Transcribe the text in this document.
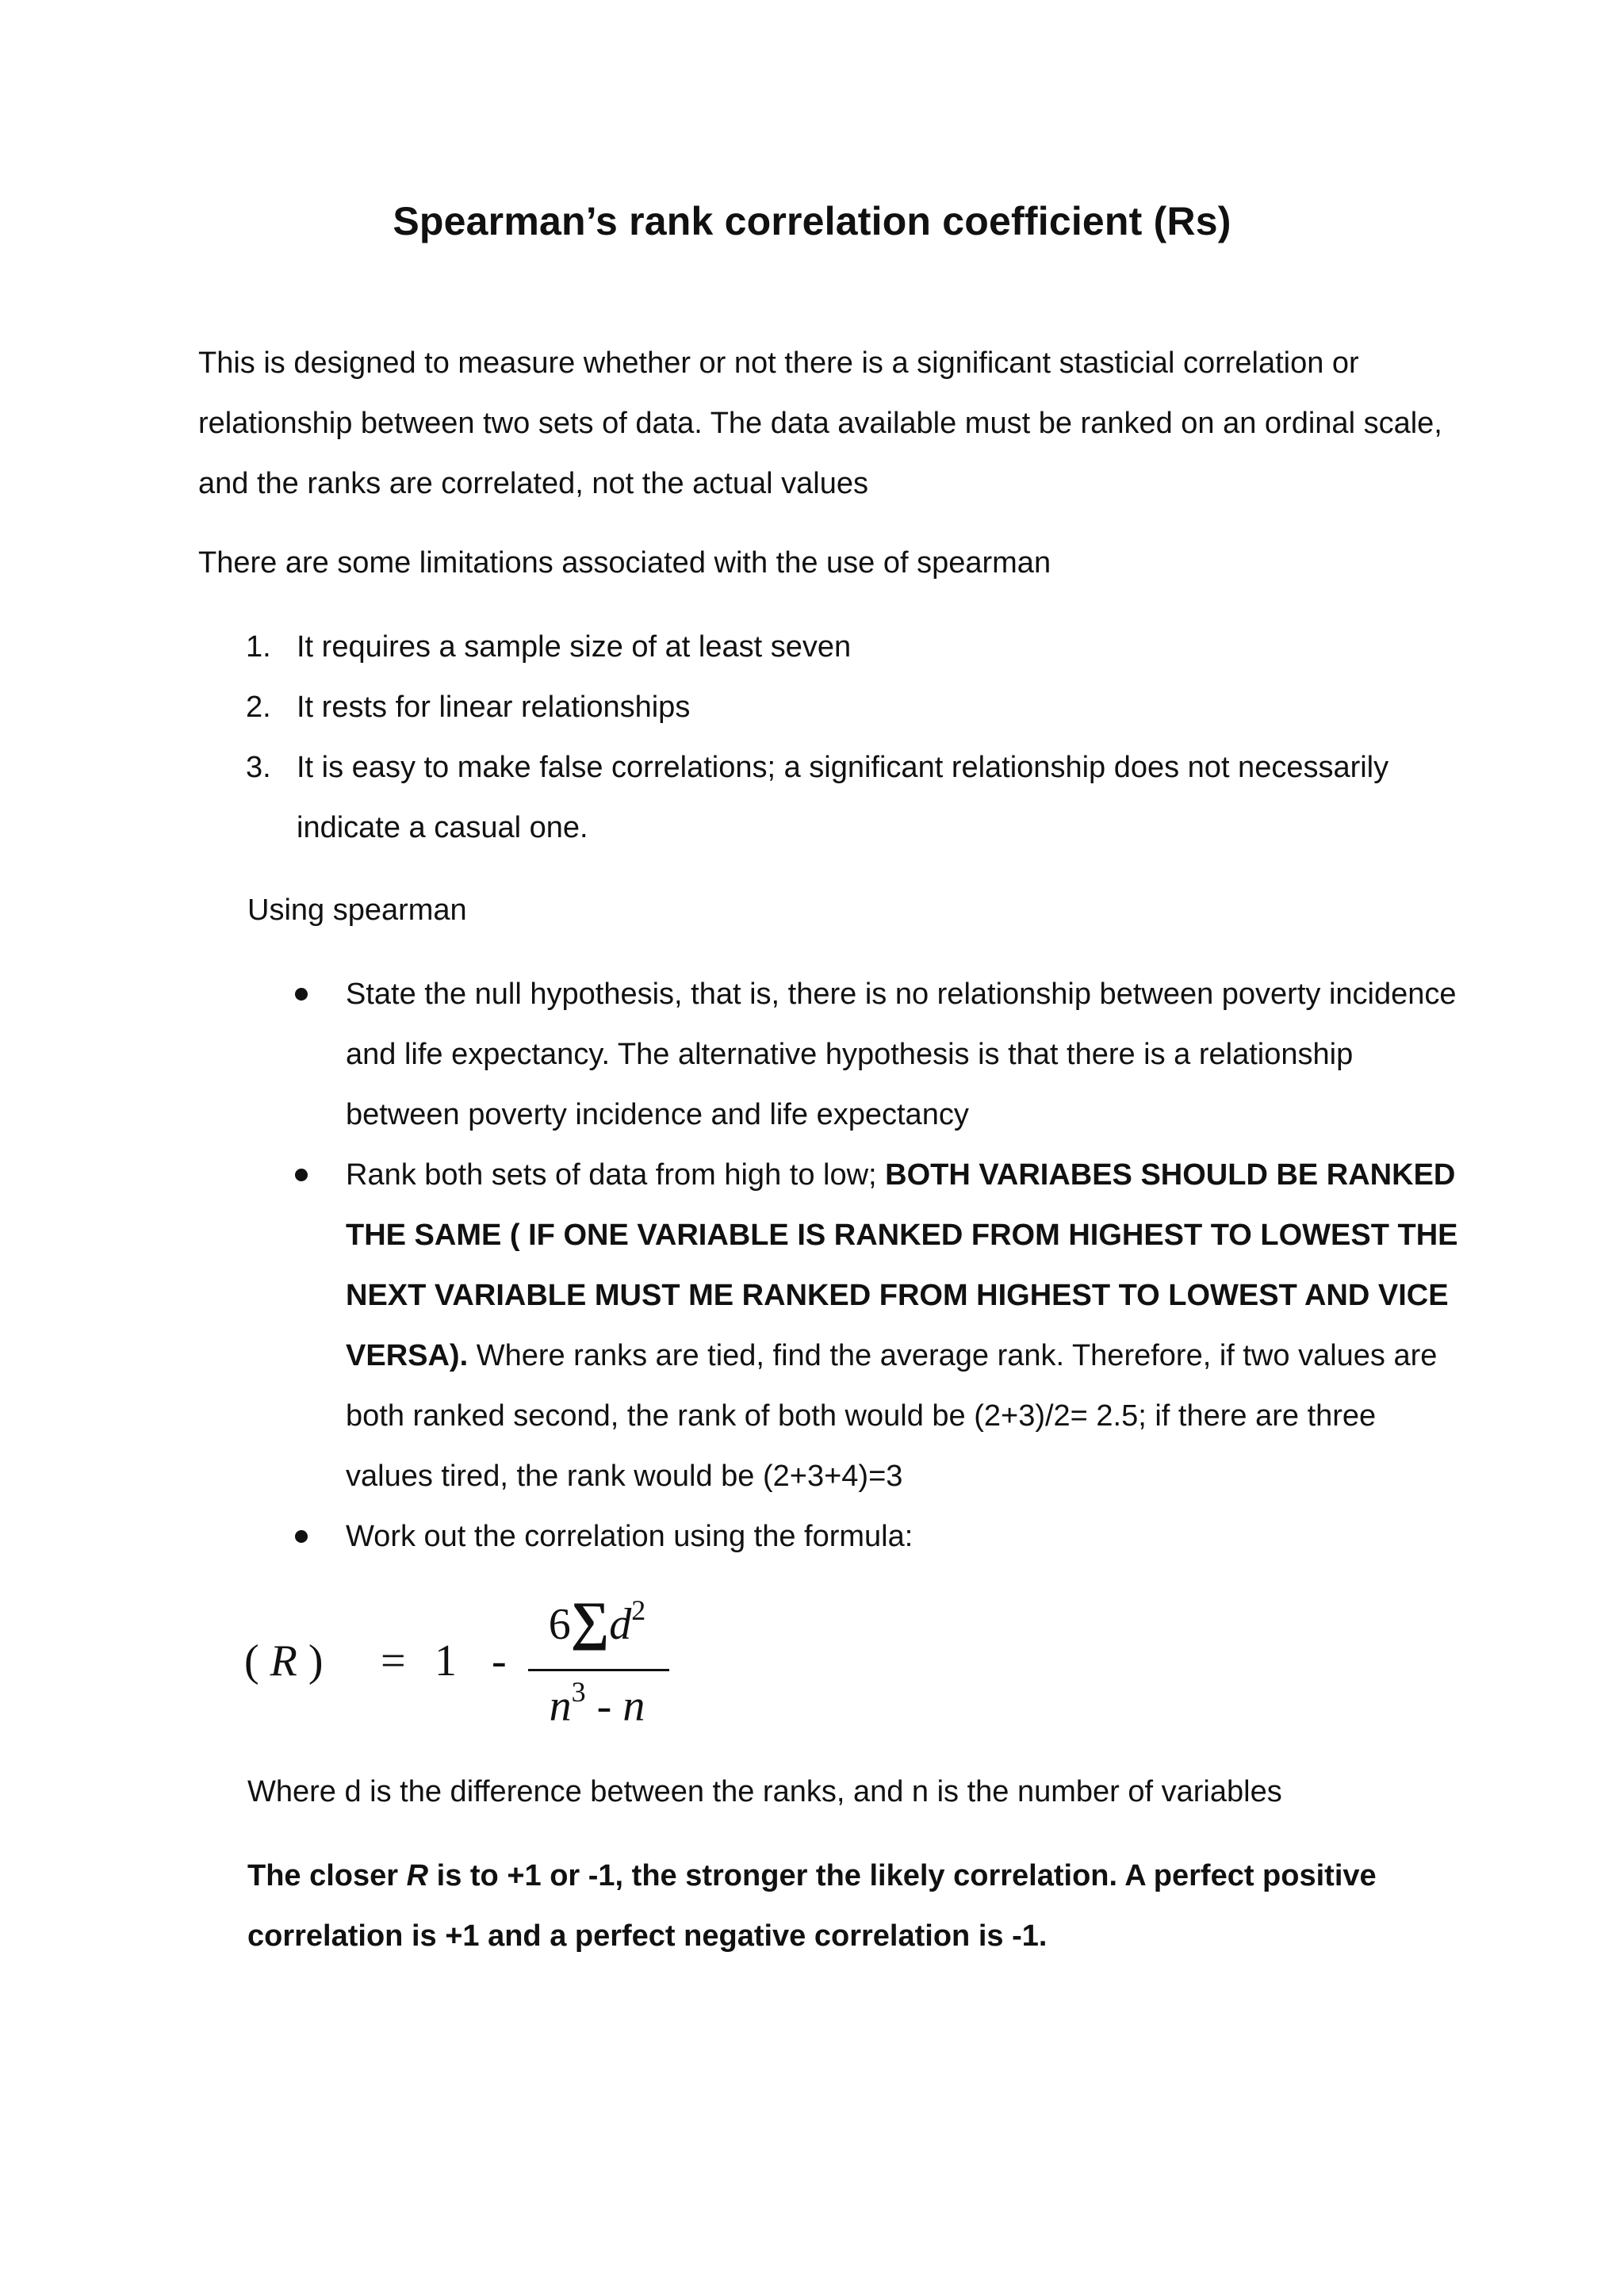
Spearman’s rank correlation coefficient (Rs)

This is designed to measure whether or not there is a significant stasticial correlation or relationship between two sets of data. The data available must be ranked on an ordinal scale, and the ranks are correlated, not the actual values

There are some limitations associated with the use of spearman

1. It requires a sample size of at least seven
2. It rests for linear relationships
3. It is easy to make false correlations; a significant relationship does not necessarily indicate a casual one.

Using spearman

State the null hypothesis, that is, there is no relationship between poverty incidence and life expectancy. The alternative hypothesis is that there is a relationship between poverty incidence and life expectancy
Rank both sets of data from high to low; BOTH VARIABES SHOULD BE RANKED THE SAME ( IF ONE VARIABLE IS RANKED FROM HIGHEST TO LOWEST THE NEXT VARIABLE MUST ME RANKED FROM HIGHEST TO LOWEST AND VICE VERSA). Where ranks are tied, find the average rank. Therefore, if two values are both ranked second, the rank of both would be (2+3)/2= 2.5; if there are three values tired, the rank would be (2+3+4)=3
Work out the correlation using the formula:
( R ) = 1 -
$6\sum d^2$
$n^3$ - n

Where d is the difference between the ranks, and n is the number of variables

The closer R is to +1 or -1, the stronger the likely correlation. A perfect positive correlation is +1 and a perfect negative correlation is -1.
